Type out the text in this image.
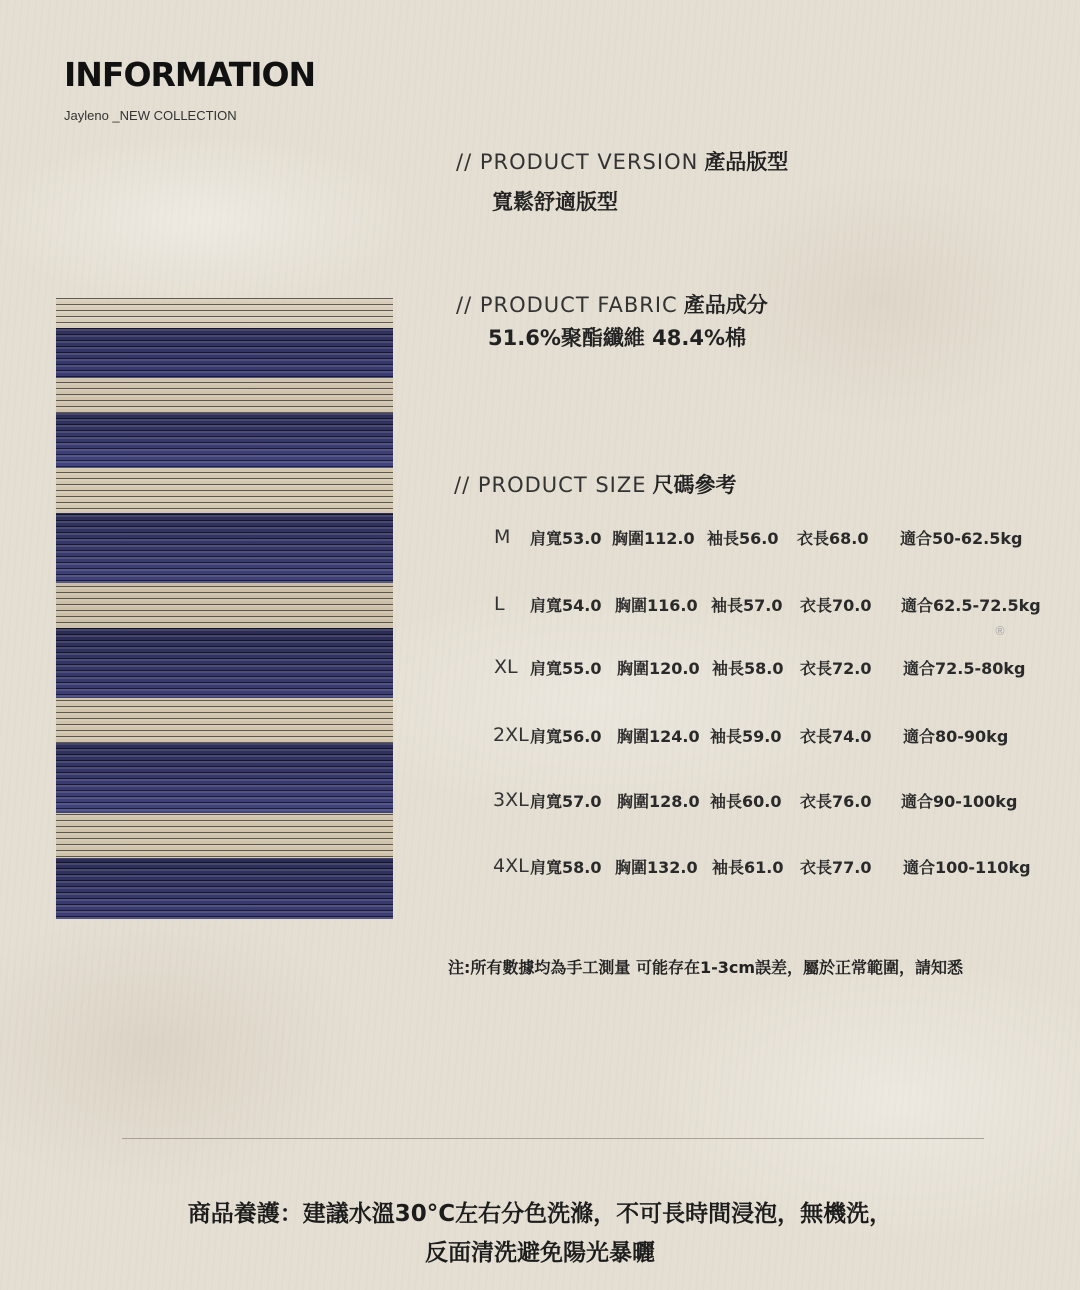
INFORMATION
Jayleno _NEW COLLECTION
// PRODUCT VERSION 產品版型
寬鬆舒適版型
// PRODUCT FABRIC 產品成分
51.6%聚酯纖維 48.4%棉
// PRODUCT SIZE 尺碼參考
M 肩寬53.0 胸圍112.0 袖長56.0 衣長68.0 適合50-62.5kg
L 肩寬54.0 胸圍116.0 袖長57.0 衣長70.0 適合62.5-72.5kg
XL 肩寬55.0 胸圍120.0 袖長58.0 衣長72.0 適合72.5-80kg
2XL 肩寬56.0 胸圍124.0 袖長59.0 衣長74.0 適合80-90kg
3XL 肩寬57.0 胸圍128.0 袖長60.0 衣長76.0 適合90-100kg
4XL 肩寬58.0 胸圍132.0 袖長61.0 衣長77.0 適合100-110kg
®
注:所有數據均為手工測量 可能存在1-3cm誤差，屬於正常範圍，請知悉
商品養護：建議水溫30°C左右分色洗滌，不可長時間浸泡，無機洗，
反面清洗避免陽光暴曬
